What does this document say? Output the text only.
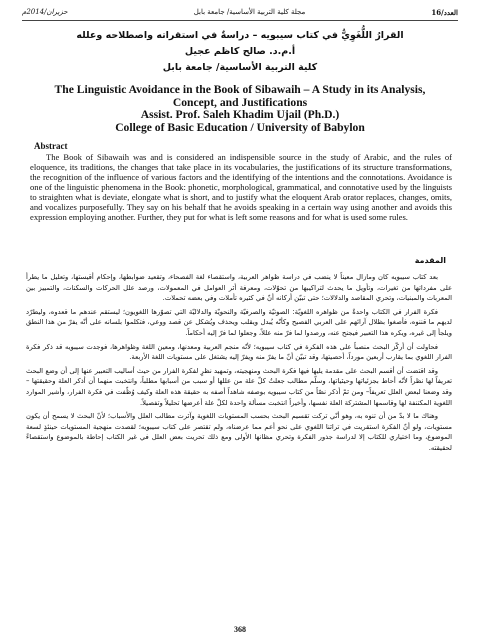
حزيران/2014م	مجلة كلية التربية الأساسية/ جامعة بابل	العدد/16
القرارُ اللُّغَوِيُّ في كتاب سيبويه – دراسةٌ في استقراته واصطلاحه وعلله
أ.م.د. صالح كاظم عجيل
كلية التربية الأساسية/ جامعة بابل
The Linguistic Avoidance in the Book of Sibawaih – A Study in its Analysis,
Concept, and Justifications
Assist. Prof. Saleh Khadim Ujail (Ph.D.)
College of Basic Education / University of Babylon
Abstract
The Book of Sibawaih was and is considered an indispensible source in the study of Arabic, and the rules of eloquence, its traditions, the changes that take place in its vocabularies, the justifications of its structure transformations, the recognition of the influence of various factors and the identifying of the intentions and the connotations. Avoidance is one of the linguistic phenomena in the Book: phonetic, morphological, grammatical, and connotative used by the linguists to straighten what is deviate, elongate what is short, and to justify what the eloquent Arab orator replaces, changes, omits, and vocalizes purposefully. They say on his behalf that he avoids speaking in a certain way using another and avoids this expression employing another. Further, they put for what is left some reasons and for what is used some rules.
المقدمة

بعد كتاب سيبويه كان ومازال معيناً لا ينضب في دراسة ظواهر العربية، واستقصاء لغة الفصحاء، وتقعيد ضوابطها، وإحكام أقيستها، وتعليل ما يطرأ على مفرداتها من تغيرات، وتأويل ما يحدث لتراكيبها من تحوّلات، ومعرفة أثر العوامل في المعمولات، ورصد علل الحركات والسكنات، والتمييز بين المعربات والمبنيات، وتحري المقاصد والدلالات؛ حتى تبيّن أركانه أنّ في كثيره تأملات وفي بعضه تحملات.

فكرة الفرار في الكتاب واحدةٌ من ظواهره اللغويّة: الصوتيّة والصرفيّة والنحويّة والدلاليّة التي تصوّرها اللغويون؛ ليستقم عندهم ما قعدوه، وليطرّد لديهم ما قننوه، فأصغوا بظلال آرائهم على العربي الفصيح وكأنّه يُبدل ويقلب ويحذف ويُشكل عن قصد ووعي، فتكلموا بلسانه على أنّه يفرّ من هذا النطق ويلجأ إلى غيره، ويكره هذا التعبير فيجنح عنه، ورصدوا لما فرّ منه عللاً، وجعلوا لما فرّ إليه أحكاماً.

فحاولت أن أركّز البحث منصباً على هذه الفكرة في كتاب سيبويه؛ لأنّه منجم العربية ومعدنها، ومعين اللغة وظواهرها، فوجدت سيبويه قد ذكر فكرة الفرار اللغوي بما يقارب أربعين مورداً، أحصيتها، وقد تبيّن أنّ ما يفرّ منه ويفرّ إليه يشتغل على مستويات اللغة الأربعة.

وقد اقتضت أن أقسم البحث على مقدمة يليها فيها فكرة البحث ومنهجيته، وتمهيد نظرٍ لفكرة الفرار من حيث أساليب التعبير عنها إلى أن وضع البحث تعريفاً لها نظراً لأنّه أحاط بجزئياتها وحيثياتها، وسلّم مطالب جعلتُ كلّ علة من عللها أو سبب من أسبابها مطلباً، وانتخبت منهما أن أذكر العلة وحقيقتها –وقد وضعنا لبعض العلل تعريفاً– ومن ثمّ أذكر نصّاً من كتاب سيبويه بوصفه شاهداً أصفه به حقيقة هذه العلة وكيف وُظّفت في فكرة الفرار، وأشير الموارد اللغوية المكتنفة لها وقاسمها المشتركة العلة نفسها، وأخيراً انتخبت مسألة واحدة لكلّ علة أعرضها تحليلاً وتفصيلاً.

وهناك ما لا بدّ من أن تنوه به، وهو أنّي تركت تقسيم البحث بحسب المستويات اللغوية وآثرت مطالب العلل والأسباب؛ لأنّ البحث لا يسمح أن يكون مستويات، ولو أنّ الفكرة استقريت في تراثنا اللغوي على نحو أعم مما عرضناه، ولم تقتصر على كتاب سيبويه؛ لقصدت منهجية المستويات حينئذٍ لسعة الموضوع، وما اختياري للكتاب إلا لدراسة جذور الفكرة وتحري مظانها الأولى ومع ذلك تحريت بعض العلل في غير الكتاب إحاطة بالموضوع واستقصاءً لحقيقته.

368
